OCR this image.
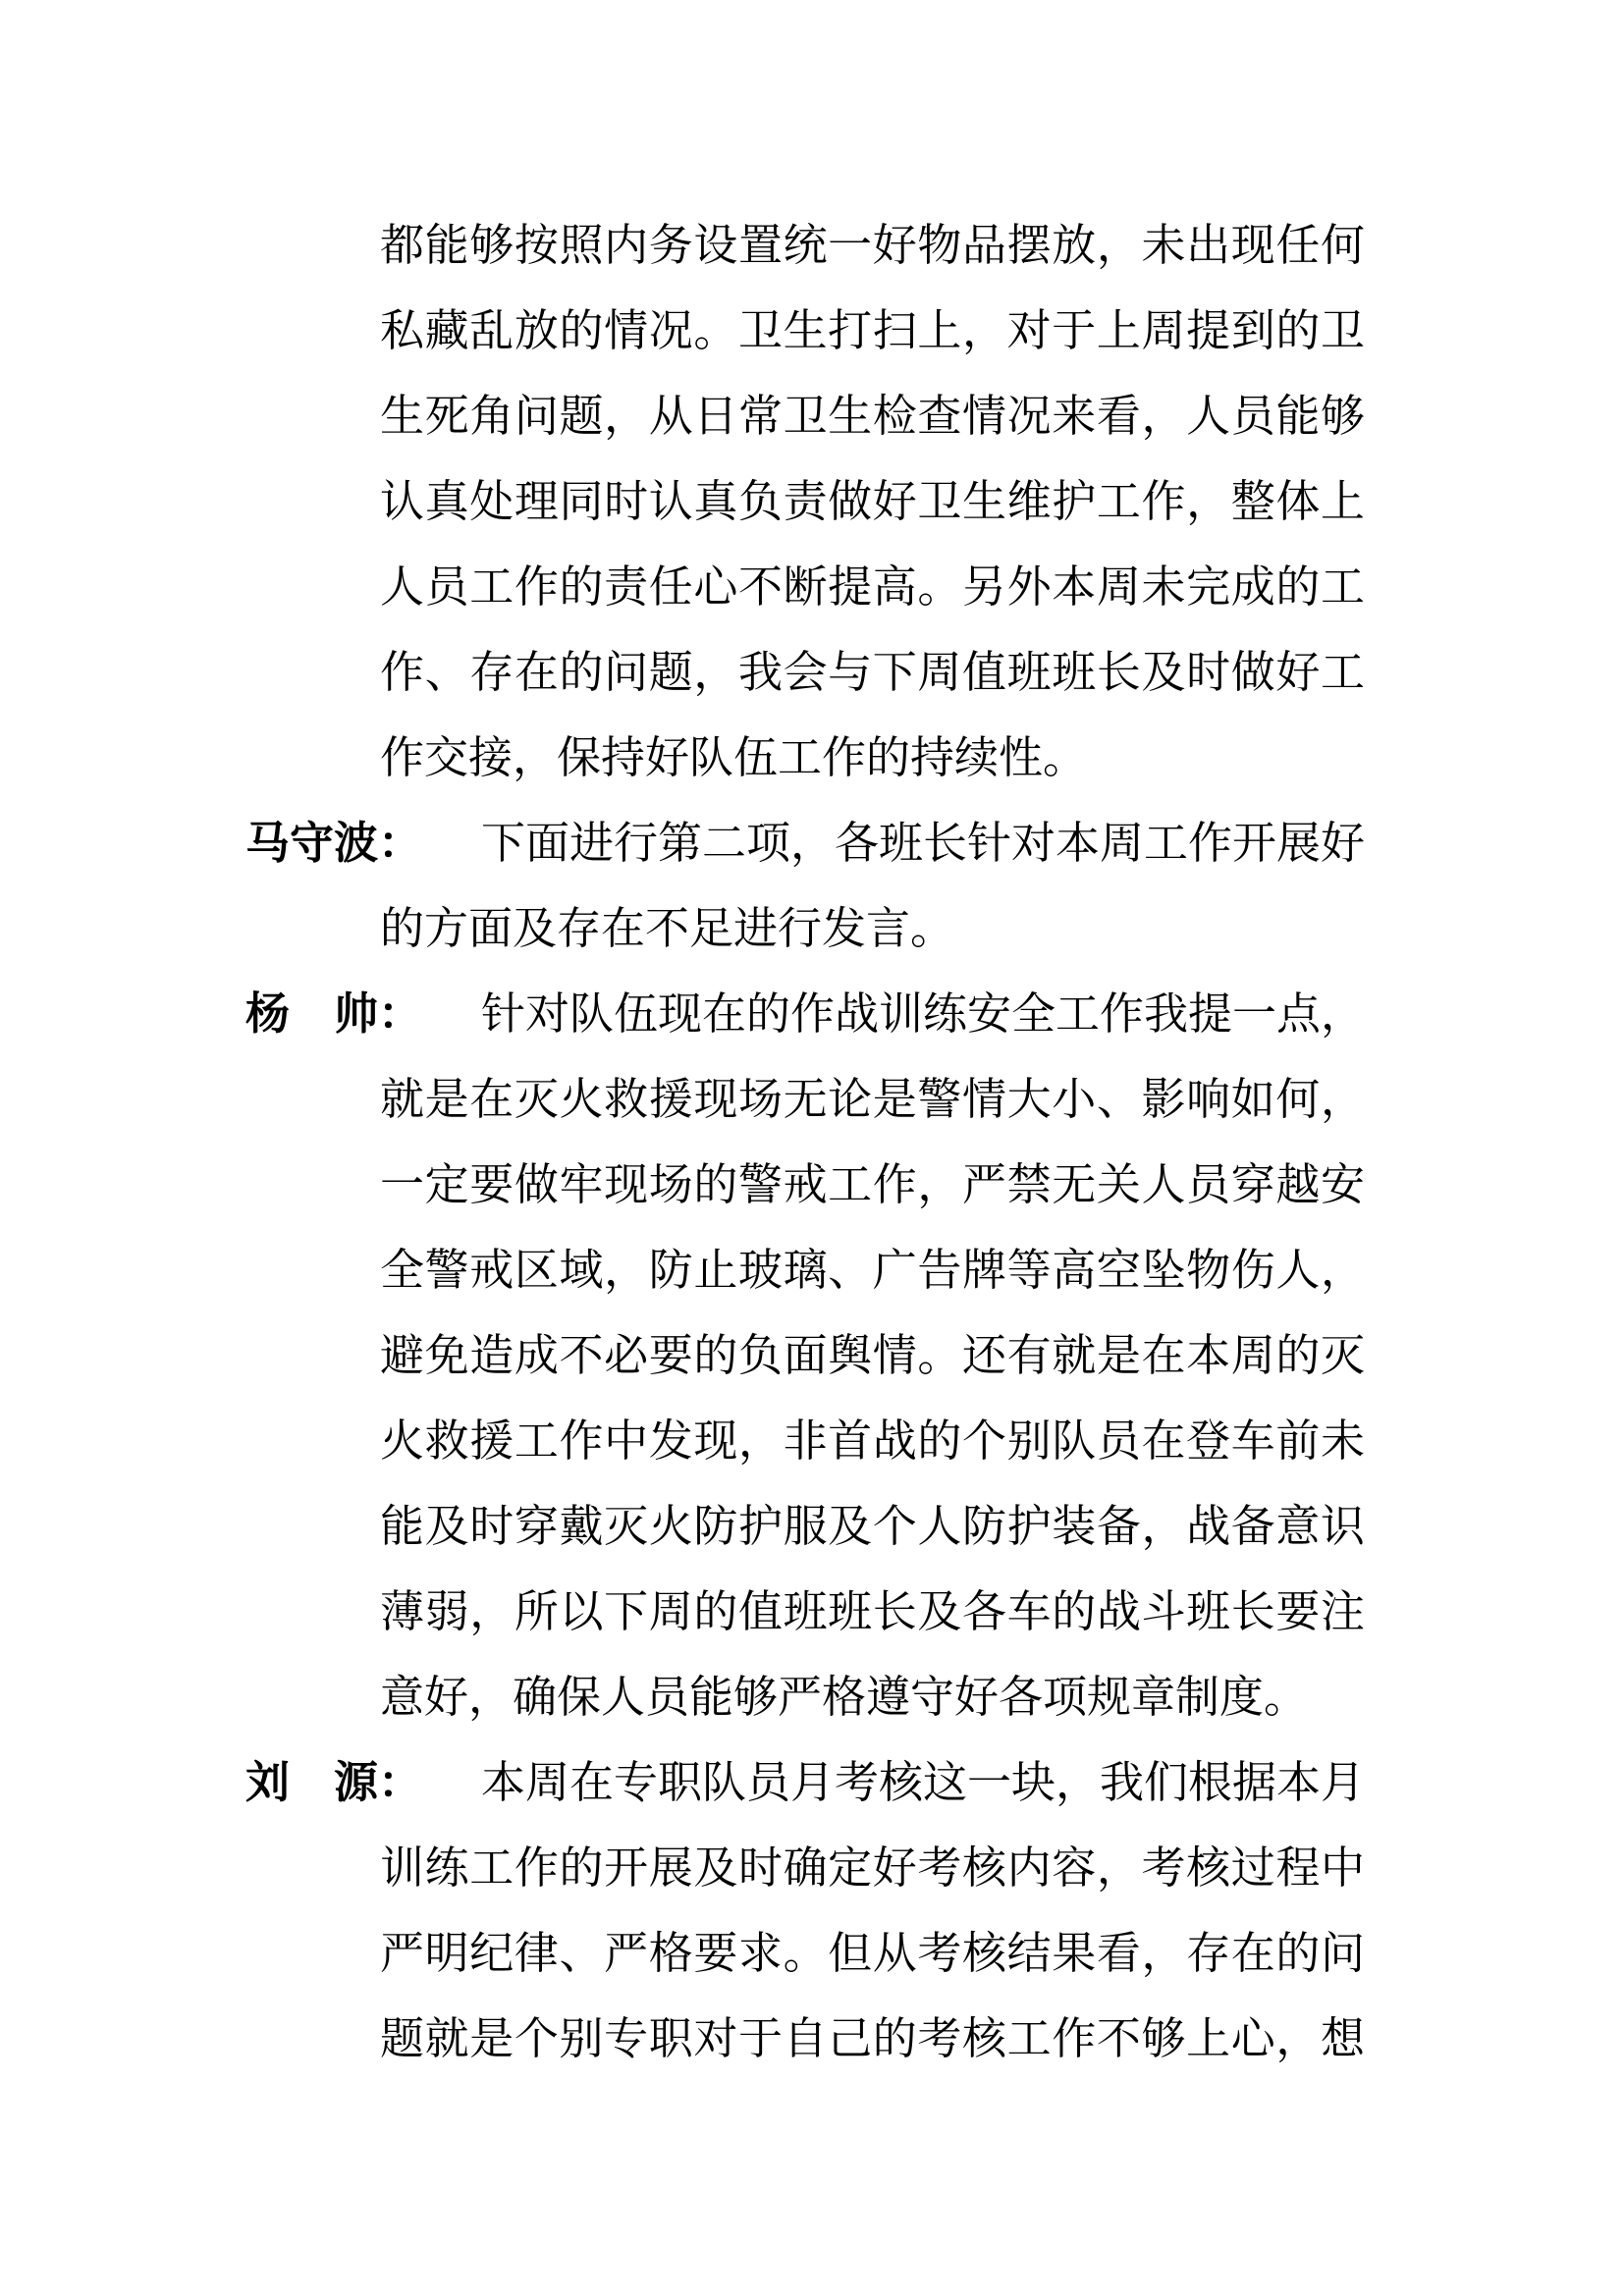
都能够按照内务设置统一好物品摆放，未出现任何
私藏乱放的情况。卫生打扫上，对于上周提到的卫
生死角问题，从日常卫生检查情况来看，人员能够
认真处理同时认真负责做好卫生维护工作，整体上
人员工作的责任心不断提高。另外本周未完成的工
作、存在的问题，我会与下周值班班长及时做好工
作交接，保持好队伍工作的持续性。
马守波：	下面进行第二项，各班长针对本周工作开展好
的方面及存在不足进行发言。
杨　帅：	针对队伍现在的作战训练安全工作我提一点，
就是在灭火救援现场无论是警情大小、影响如何，
一定要做牢现场的警戒工作，严禁无关人员穿越安
全警戒区域，防止玻璃、广告牌等高空坠物伤人，
避免造成不必要的负面舆情。还有就是在本周的灭
火救援工作中发现，非首战的个别队员在登车前未
能及时穿戴灭火防护服及个人防护装备，战备意识
薄弱，所以下周的值班班长及各车的战斗班长要注
意好，确保人员能够严格遵守好各项规章制度。
刘　源：	本周在专职队员月考核这一块，我们根据本月
训练工作的开展及时确定好考核内容，考核过程中
严明纪律、严格要求。但从考核结果看，存在的问
题就是个别专职对于自己的考核工作不够上心，想
